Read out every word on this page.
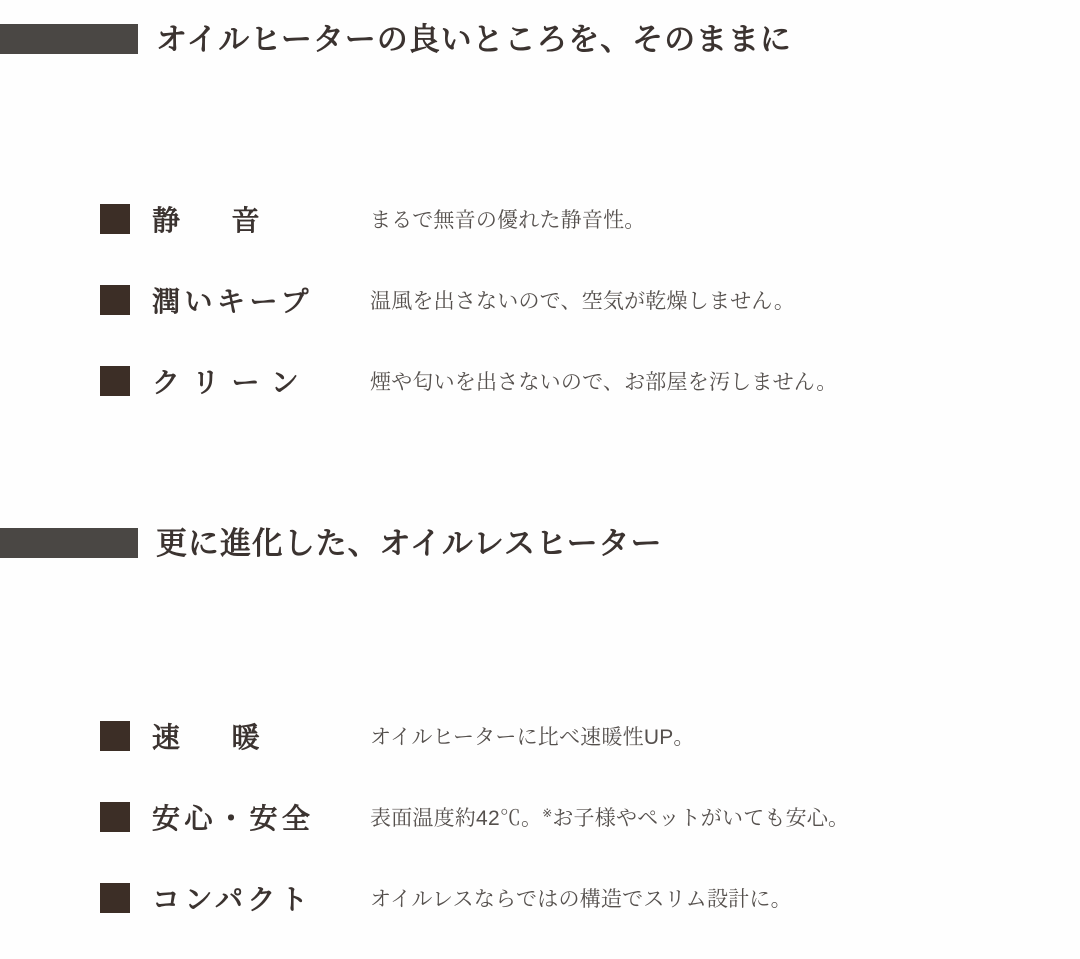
オイルヒーターの良いところを、そのままに
静　音	まるで無音の優れた静音性。
潤いキープ	温風を出さないので、空気が乾燥しません。
クリーン	煙や匂いを出さないので、お部屋を汚しません。
更に進化した、オイルレスヒーター
速　暖	オイルヒーターに比べ速暖性UP。
安心・安全	表面温度約42℃。※お子様やペットがいても安心。
コンパクト	オイルレスならではの構造でスリム設計に。
